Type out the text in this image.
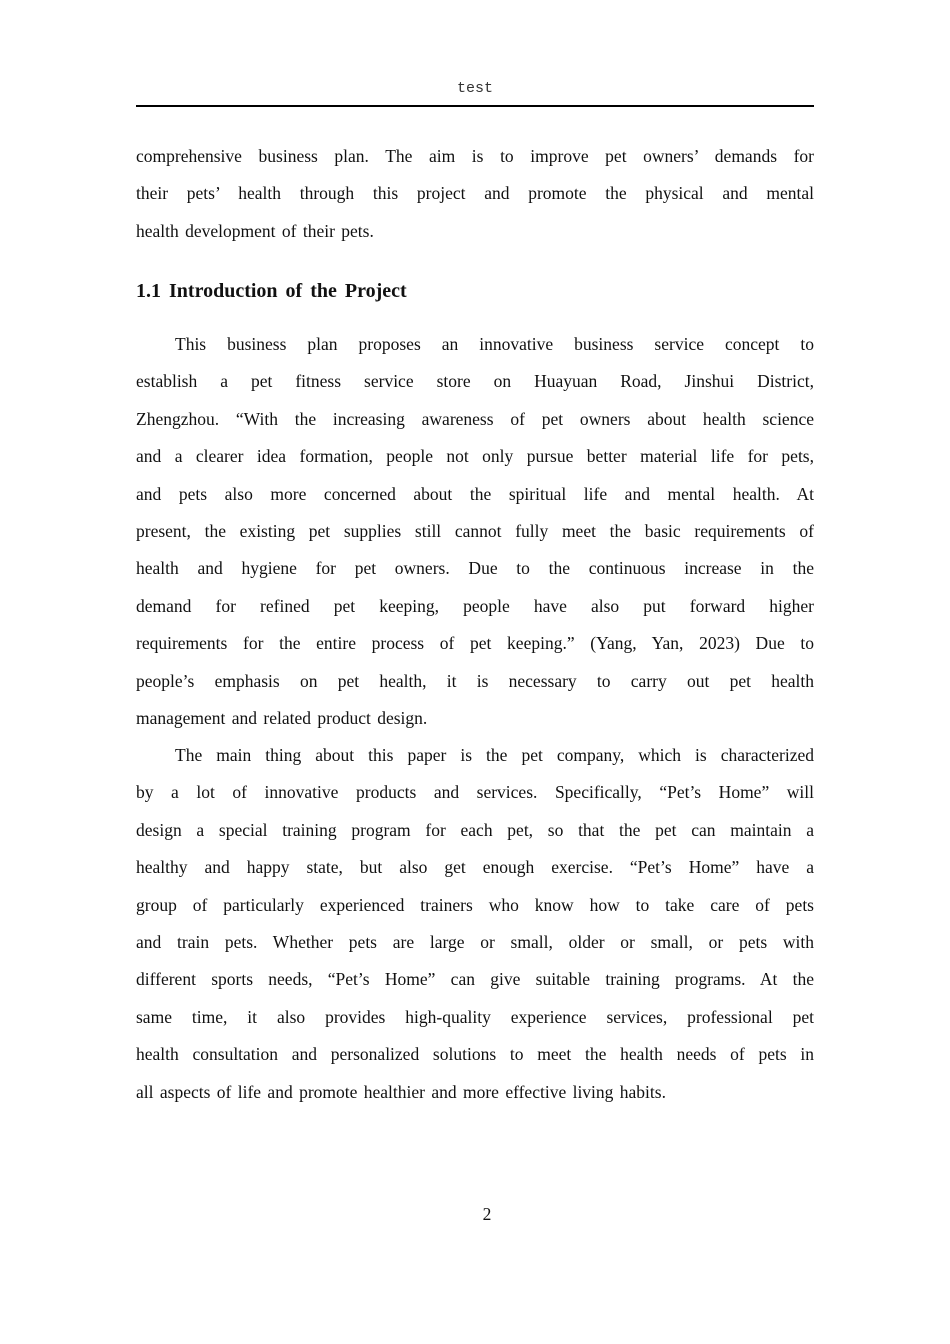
test
comprehensive business plan. The aim is to improve pet owners’ demands for
their pets’ health through this project and promote the physical and mental
health development of their pets.
1.1 Introduction of the Project
This business plan proposes an innovative business service concept to
establish a pet fitness service store on Huayuan Road, Jinshui District,
Zhengzhou. “With the increasing awareness of pet owners about health science
and a clearer idea formation, people not only pursue better material life for pets,
and pets also more concerned about the spiritual life and mental health. At
present, the existing pet supplies still cannot fully meet the basic requirements of
health and hygiene for pet owners. Due to the continuous increase in the
demand for refined pet keeping, people have also put forward higher
requirements for the entire process of pet keeping.” (Yang, Yan, 2023) Due to
people’s emphasis on pet health, it is necessary to carry out pet health
management and related product design.
The main thing about this paper is the pet company, which is characterized
by a lot of innovative products and services. Specifically, “Pet’s Home” will
design a special training program for each pet, so that the pet can maintain a
healthy and happy state, but also get enough exercise. “Pet’s Home” have a
group of particularly experienced trainers who know how to take care of pets
and train pets. Whether pets are large or small, older or small, or pets with
different sports needs, “Pet’s Home” can give suitable training programs. At the
same time, it also provides high-quality experience services, professional pet
health consultation and personalized solutions to meet the health needs of pets in
all aspects of life and promote healthier and more effective living habits.
2
